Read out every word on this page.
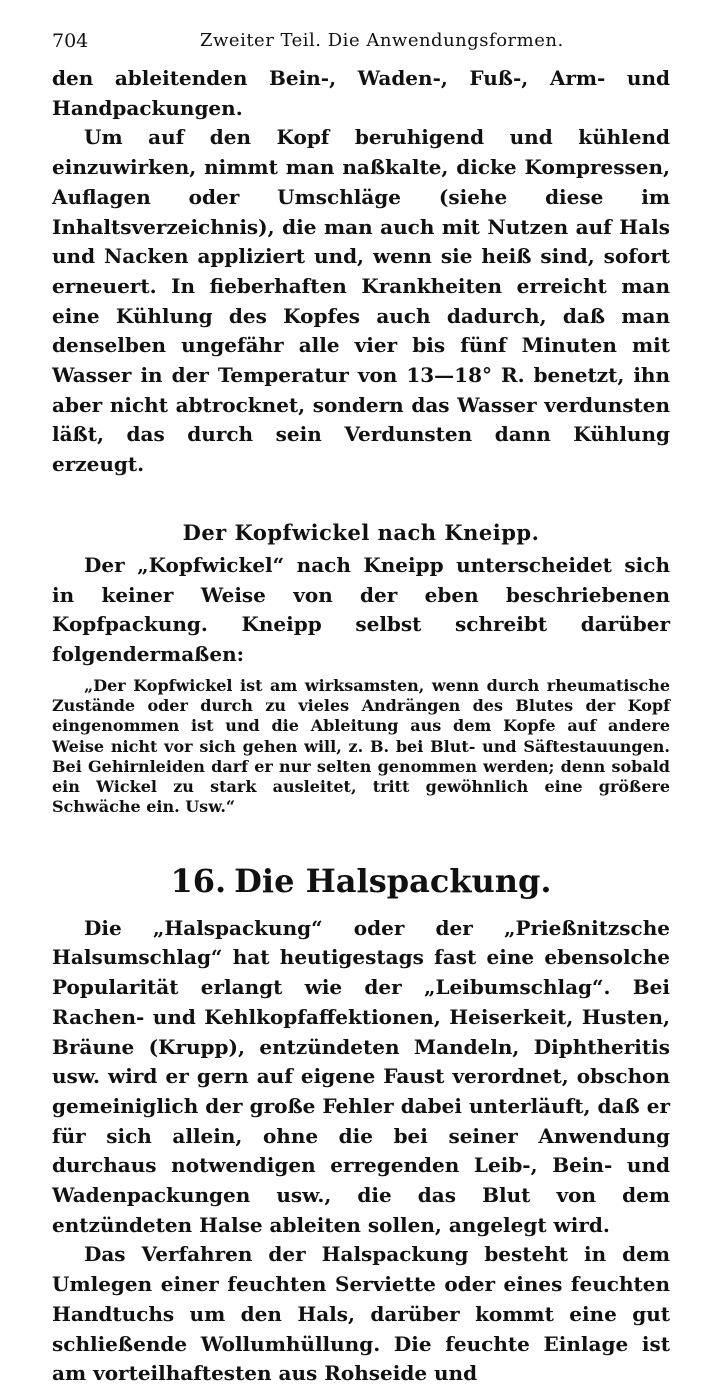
704	Zweiter Teil. Die Anwendungsformen.

den ableitenden Bein-, Waden-, Fuß-, Arm- und Handpackungen.

Um auf den Kopf beruhigend und kühlend einzuwirken, nimmt man naßkalte, dicke Kompressen, Auflagen oder Umschläge (siehe diese im Inhaltsverzeichnis), die man auch mit Nutzen auf Hals und Nacken appliziert und, wenn sie heiß sind, sofort erneuert. In fieberhaften Krankheiten erreicht man eine Kühlung des Kopfes auch dadurch, daß man denselben ungefähr alle vier bis fünf Minuten mit Wasser in der Temperatur von 13—18° R. benetzt, ihn aber nicht abtrocknet, sondern das Wasser verdunsten läßt, das durch sein Verdunsten dann Kühlung erzeugt.

Der Kopfwickel nach Kneipp.

Der „Kopfwickel“ nach Kneipp unterscheidet sich in keiner Weise von der eben beschriebenen Kopfpackung. Kneipp selbst schreibt darüber folgendermaßen:

„Der Kopfwickel ist am wirksamsten, wenn durch rheumatische Zustände oder durch zu vieles Andrängen des Blutes der Kopf eingenommen ist und die Ableitung aus dem Kopfe auf andere Weise nicht vor sich gehen will, z. B. bei Blut- und Säftestauungen. Bei Gehirnleiden darf er nur selten genommen werden; denn sobald ein Wickel zu stark ausleitet, tritt gewöhnlich eine größere Schwäche ein. Usw.“

16. Die Halspackung.

Die „Halspackung“ oder der „Prießnitzsche Halsumschlag“ hat heutigestags fast eine ebensolche Popularität erlangt wie der „Leibumschlag“. Bei Rachen- und Kehlkopfaffektionen, Heiserkeit, Husten, Bräune (Krupp), entzündeten Mandeln, Diphtheritis usw. wird er gern auf eigene Faust verordnet, obschon gemeiniglich der große Fehler dabei unterläuft, daß er für sich allein, ohne die bei seiner Anwendung durchaus notwendigen erregenden Leib-, Bein- und Wadenpackungen usw., die das Blut von dem entzündeten Halse ableiten sollen, angelegt wird.

Das Verfahren der Halspackung besteht in dem Umlegen einer feuchten Serviette oder eines feuchten Handtuchs um den Hals, darüber kommt eine gut schließende Wollumhüllung. Die feuchte Einlage ist am vorteilhaftesten aus Rohseide und
